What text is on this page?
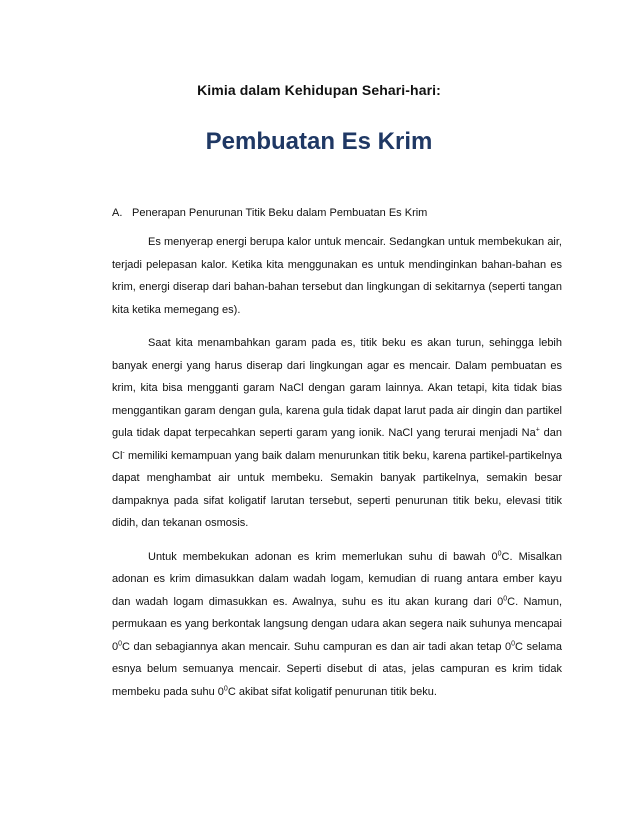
Kimia dalam Kehidupan Sehari-hari:
Pembuatan Es Krim
A. Penerapan Penurunan Titik Beku dalam Pembuatan Es Krim

Es menyerap energi berupa kalor untuk mencair. Sedangkan untuk membekukan air, terjadi pelepasan kalor. Ketika kita menggunakan es untuk mendinginkan bahan-bahan es krim, energi diserap dari bahan-bahan tersebut dan lingkungan di sekitarnya (seperti tangan kita ketika memegang es).

Saat kita menambahkan garam pada es, titik beku es akan turun, sehingga lebih banyak energi yang harus diserap dari lingkungan agar es mencair. Dalam pembuatan es krim, kita bisa mengganti garam NaCl dengan garam lainnya. Akan tetapi, kita tidak bias menggantikan garam dengan gula, karena gula tidak dapat larut pada air dingin dan partikel gula tidak dapat terpecahkan seperti garam yang ionik. NaCl yang terurai menjadi Na+ dan Cl- memiliki kemampuan yang baik dalam menurunkan titik beku, karena partikel-partikelnya dapat menghambat air untuk membeku. Semakin banyak partikelnya, semakin besar dampaknya pada sifat koligatif larutan tersebut, seperti penurunan titik beku, elevasi titik didih, dan tekanan osmosis.

Untuk membekukan adonan es krim memerlukan suhu di bawah $0^0C$. Misalkan adonan es krim dimasukkan dalam wadah logam, kemudian di ruang antara ember kayu dan wadah logam dimasukkan es. Awalnya, suhu es itu akan kurang dari $0^0C$. Namun, permukaan es yang berkontak langsung dengan udara akan segera naik suhunya mencapai $0^0C$ dan sebagiannya akan mencair. Suhu campuran es dan air tadi akan tetap $0^0C$ selama esnya belum semuanya mencair. Seperti disebut di atas, jelas campuran es krim tidak membeku pada suhu $0^0C$ akibat sifat koligatif penurunan titik beku.
